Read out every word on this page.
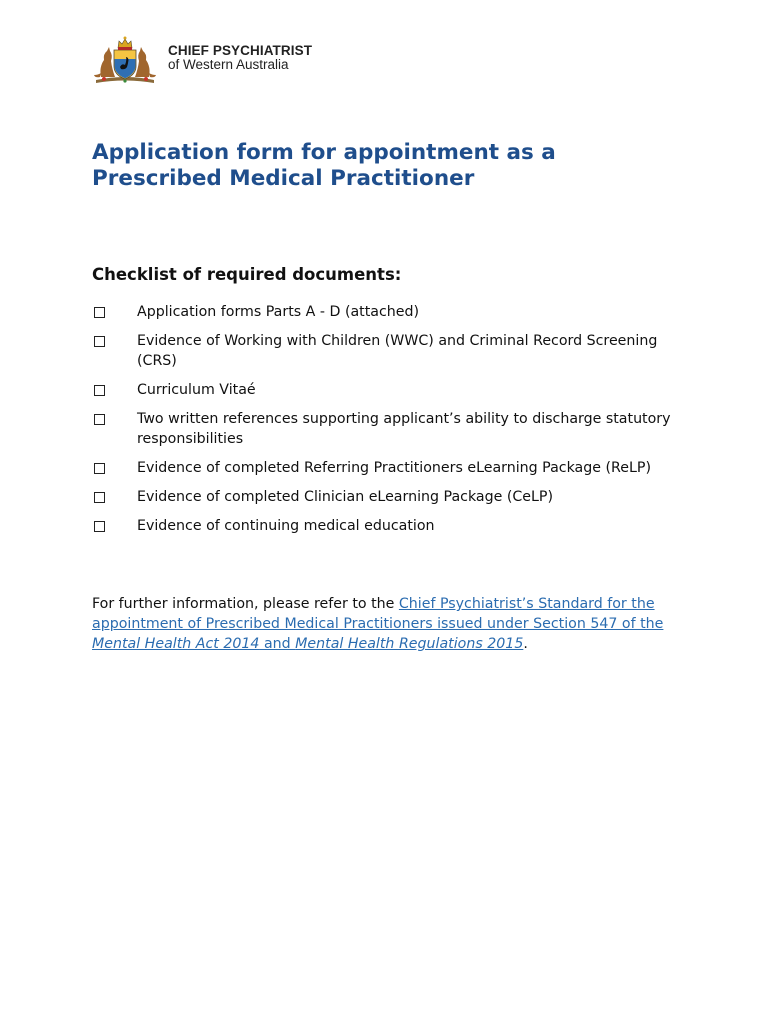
CHIEF PSYCHIATRIST
of Western Australia
Application form for appointment as a
Prescribed Medical Practitioner
Checklist of required documents:
Application forms Parts A - D (attached)
Evidence of Working with Children (WWC) and Criminal Record Screening (CRS)
Curriculum Vitaé
Two written references supporting applicant’s ability to discharge statutory responsibilities
Evidence of completed Referring Practitioners eLearning Package (ReLP)
Evidence of completed Clinician eLearning Package (CeLP)
Evidence of continuing medical education

For further information, please refer to the Chief Psychiatrist’s Standard for the appointment of Prescribed Medical Practitioners issued under Section 547 of the Mental Health Act 2014 and Mental Health Regulations 2015.
